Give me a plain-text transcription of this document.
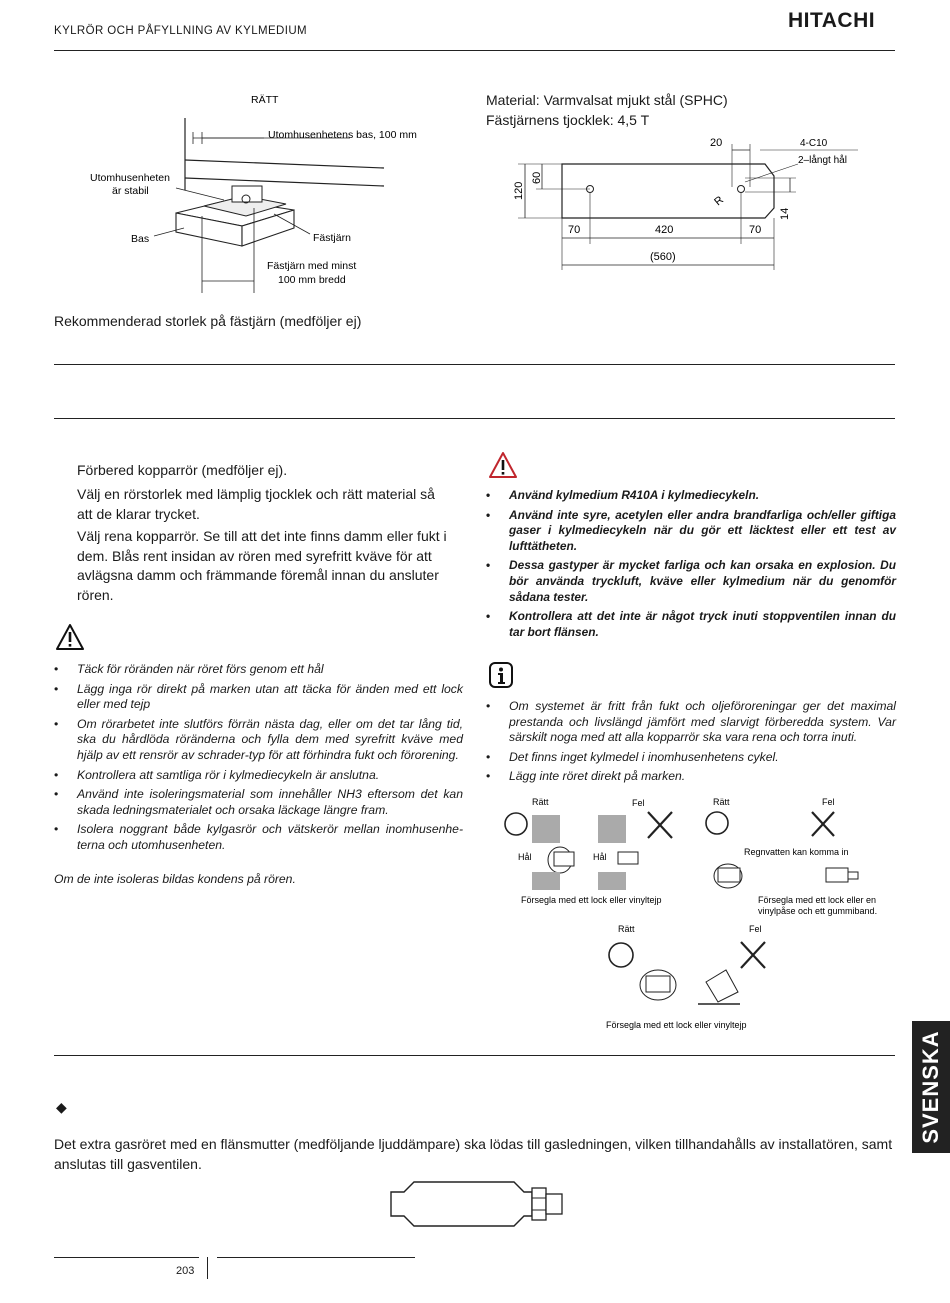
KYLRÖR OCH PÅFYLLNING AV KYLMEDIUM	HITACHI
RÄTT
Utomhusenhetens bas, 100 mm
Utomhusenheten
är stabil
Bas	Fästjärn
Fästjärn med minst
100 mm bredd
Rekommenderad storlek på fästjärn (medföljer ej)
Material: Varmvalsat mjukt stål (SPHC)
Fästjärnens tjocklek: 4,5 T
20	4-C10
2–långt hål
120
60
R
14
70	420	70
(560)
Förbered kopparrör (medföljer ej).
Välj en rörstorlek med lämplig tjocklek och rätt material så att de klarar trycket.
Välj rena kopparrör. Se till att det inte finns damm eller fukt i dem. Blås rent insidan av rören med syrefritt kväve för att avlägsna damm och främmande föremål innan du ansluter rören.
• Täck för röränden när röret förs genom ett hål
• Lägg inga rör direkt på marken utan att täcka för änden med ett lock eller med tejp
• Om rörarbetet inte slutförs förrän nästa dag, eller om det tar lång tid, ska du hårdlöda röränderna och fylla dem med syrefritt kväve med hjälp av ett rensrör av schrader-typ för att förhindra fukt och förorening.
• Kontrollera att samtliga rör i kylmediecykeln är anslutna.
• Använd inte isoleringsmaterial som innehåller NH3 eftersom det kan skada ledningsmaterialet och orsaka läckage längre fram.
• Isolera noggrant både kylgasrör och vätskerör mellan inomhusenhe-terna och utomhusenheten.
Om de inte isoleras bildas kondens på rören.
• Använd kylmedium R410A i kylmediecykeln.
• Använd inte syre, acetylen eller andra brandfarliga och/eller giftiga gaser i kylmediecykeln när du gör ett läcktest eller ett test av lufttätheten.
• Dessa gastyper är mycket farliga och kan orsaka en explosion. Du bör använda tryckluft, kväve eller kylmedium när du genomför sådana tester.
• Kontrollera att det inte är något tryck inuti stoppventilen innan du tar bort flänsen.
• Om systemet är fritt från fukt och oljeföroreningar ger det maximal prestanda och livslängd jämfört med slarvigt förberedda system. Var särskilt noga med att alla kopparrör ska vara rena och torra inuti.
• Det finns inget kylmedel i inomhusenhetens cykel.
• Lägg inte röret direkt på marken.
Rätt	Fel
Hål	Hål
Försegla med ett lock eller vinyltejp
Rätt	Fel
Regnvatten kan komma in
Försegla med ett lock eller en
vinylpåse och ett gummiband.
Rätt	Fel
Försegla med ett lock eller vinyltejp
◆
Det extra gasröret med en flänsmutter (medföljande ljuddämpare) ska lödas till gasledningen, vilken tillhandahålls av installatören, samt anslutas till gasventilen.
203
SVENSKA
